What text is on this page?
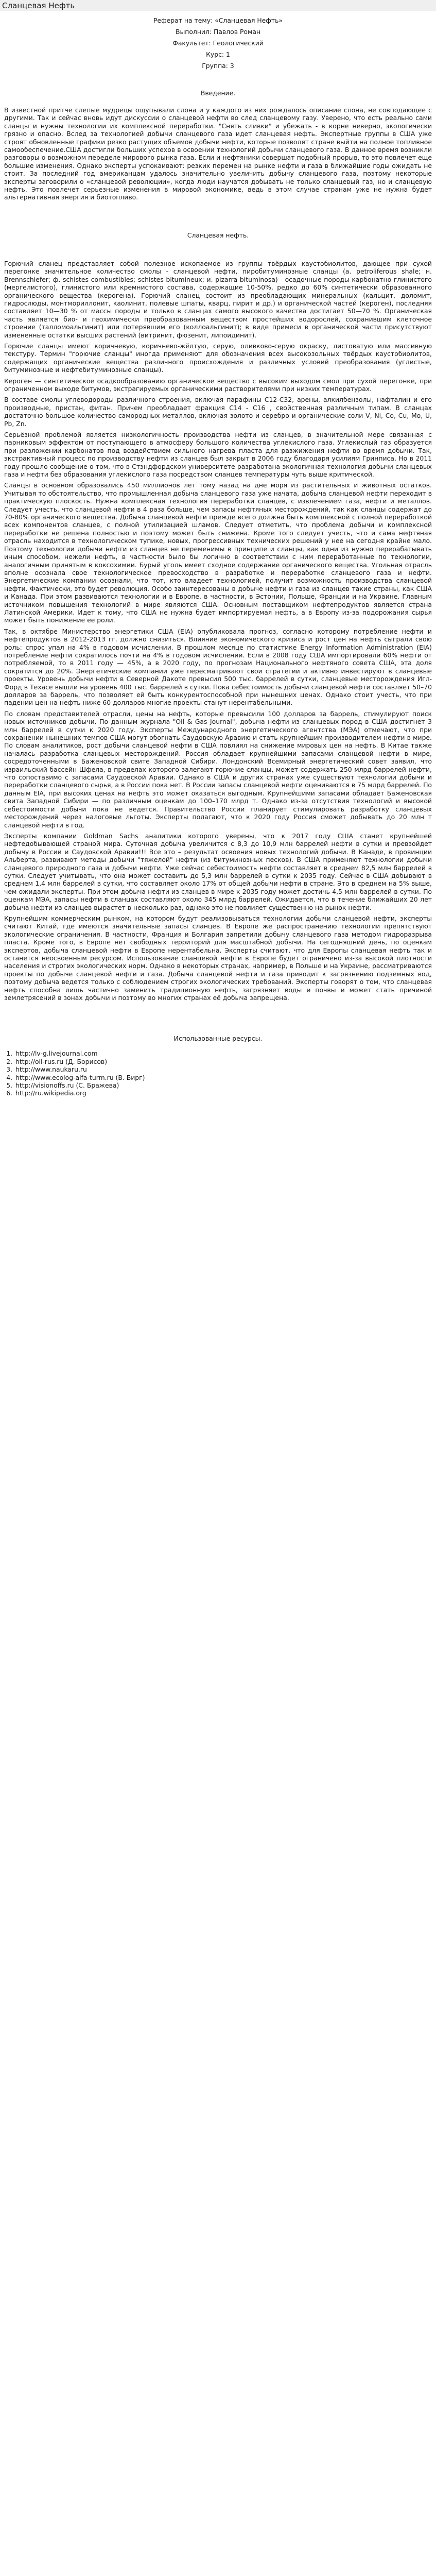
Сланцевая Нефть
Реферат на тему: «Сланцевая Нефть»
Выполнил: Павлов Роман
Факультет: Геологический
Курс: 1
Группа: 3
Введение.

В известной притче слепые мудрецы ощупывали слона и у каждого из них рождалось описание слона, не совподающее с другими. Так и сейчас вновь идут дискуссии о сланцевой нефти во след сланцевому газу. Уверено, что есть реально сами сланцы и нужны технологии их комплексной переработки. "Снять сливки" и убежать - в корне неверно, экологически грязно и опасно. Вслед за технологией добычи сланцевого газа идет сланцевая нефть. Экспертные группы в США уже строят обновленные графики резко растущих объемов добычи нефти, которые позволят стране выйти на полное топливное самообеспечение.США достигли больших успехов в освоении технологий добычи сланцевого газа. В данное время возникли разговоры о возможном переделе мирового рынка газа. Если и нефтяники совершат подобный прорыв, то это повлечет еще большие изменения. Однако эксперты успокаивают: резких перемен на рынке нефти и газа в ближайшие годы ожидать не стоит. За последний год американцам удалось значительно увеличить добычу сланцевого газа, поэтому некоторые эксперты заговорили о «сланцевой революции», когда люди научатся добывать не только сланцевый газ, но и сланцевую нефть. Это повлечет серьезные изменения в мировой экономике, ведь в этом случае странам уже не нужна будет альтернативная энергия и биотопливо.

Сланцевая нефть.

Горючий сланец представляет собой полезное ископаемое из группы твёрдых каустобиолитов, дающее при сухой перегонке значительное количество смолы - сланцевой нефти, пиробитуминозные сланцы (a. petroliferous shale; н. Brennschiefer; ф. schistes combustibles; schistes bitumineux; и. pizarra bituminosa) - осадочные породы карбонатно-глинистого (мергелистого), глинистого или кремнистого состава, содержащие 10-50%, редко до 60% синтетически образованного органического вещества (керогена). Горючий сланец состоит из преобладающих минеральных (кальцит, доломит, гидрослюды, монтмориллонит, каолинит, полевые шпаты, кварц, пирит и др.) и органической частей (кероген), последняя составляет 10—30 % от массы породы и только в сланцах самого высокого качества достигает 50—70 %. Органическая часть является био- и геохимически преобразованным веществом простейших водорослей, сохранившим клеточное строение (талломоальгинит) или потерявшим его (коллоальгинит); в виде примеси в органической части присутствуют измененные остатки высших растений (витринит, фюзенит, липоидинит).

Горючие сланцы имеют коричневую, коричнево-жёлтую, серую, оливково-серую окраску, листоватую или массивную текстуру. Термин "горючие сланцы" иногда применяют для обозначения всех высокозольных твёрдых каустобиолитов, содержащих органические вещества различного происхождения и различных условий преобразования (углистые, битуминозные и нефтебитуминозные сланцы).

Кероген — синтетическое осадкообразованию органическое вещество с высоким выходом смол при сухой перегонке, при ограниченном выходе битумов, экстрагируемых органическими растворителями при низких температурах.

В составе смолы углеводороды различного строения, включая парафины С12-С32, арены, алкилбензолы, нафталин и его производные, пристан, фитан. Причем преобладает фракция С14 - С16 , свойственная различным типам. В сланцах достаточно большое количество самородных металлов, включая золото и серебро и органические соли V, Ni, Co, Cu, Mo, U, Pb, Zn.

Серьёзной проблемой является низкологичность производства нефти из сланцев, в значительной мере связанная с парниковым эффектом от поступающего в атмосферу большого количества углекислого газа. Углекислый газ образуется при разложении карбонатов под воздействием сильного нагрева пласта для разжижения нефти во время добычи. Так, экстрактивный процесс по производству нефти из сланцев был закрыт в 2006 году благодаря усилиям Гринписа. Но в 2011 году прошло сообщение о том, что в Стэндфордском университете разработана экологичная технология добычи сланцевых газа и нефти без образования углекислого газа посредством сланцев температуры чуть выше критической.

Сланцы в основном образовались 450 миллионов лет тому назад на дне моря из растительных и животных остатков. Учитывая то обстоятельство, что промышленная добыча сланцевого газа уже начата, добыча сланцевой нефти переходит в практическую плоскость. Нужна комплексная технология переработки сланцев, с извлечением газа, нефти и металлов. Следует учесть, что сланцевой нефти в 4 раза больше, чем запасы нефтяных месторождений, так как сланцы содержат до 70-80% органического вещества. Добыча сланцевой нефти прежде всего должна быть комплексной с полной переработкой всех компонентов сланцев, с полной утилизацией шламов. Следует отметить, что проблема добычи и комплексной переработки не решена полностью и поэтому может быть снижена. Кроме того следует учесть, что и сама нефтяная отрасль находится в технологическом тупике, новых, прогрессивных технических решений у нее на сегодня крайне мало. Поэтому технологии добычи нефти из сланцев не переменимы в принципе и сланцы, как одни из нужно перерабатывать иным способом, нежели нефть, в частности было бы логично в соответствии с ним переработанные по технологии, аналогичным принятым в коксохимии. Бурый уголь имеет сходное содержание органического вещества. Угольная отрасль вполне осознала свое технологическое превосходство в разработке и переработке сланцевого газа и нефти. Энергетические компании осознали, что тот, кто владеет технологией, получит возможность производства сланцевой нефти. Фактически, это будет революция. Особо заинтересованы в добыче нефти и газа из сланцев такие страны, как США и Канада. При этом развиваются технологии и в Европе, в частности, в Эстонии, Польше, Франции и на Украине. Главным источником повышения технологий в мире являются США. Основным поставщиком нефтепродуктов является страна Латинской Америки. Идет к тому, что США не нужна будет импортируемая нефть, а в Европу из-за подорожания сырья может быть понижение ее роли.

Так, в октябре Министерство энергетики США (EIA) опубликовала прогноз, согласно которому потребление нефти и нефтепродуктов в 2012-2013 гг. должно снизиться. Влияние экономического кризиса и рост цен на нефть сыграли свою роль: спрос упал на 4% в годовом исчислении. В прошлом месяце по статистике Energy Information Administration (EIA) потребление нефти сократилось почти на 4% в годовом исчислении. Если в 2008 году США импортировали 60% нефти от потребляемой, то в 2011 году — 45%, а в 2020 году, по прогнозам Национального нефтяного совета США, эта доля сократится до 20%. Энергетические компании уже пересматривают свои стратегии и активно инвестируют в сланцевые проекты. Уровень добычи нефти в Северной Дакоте превысил 500 тыс. баррелей в сутки, сланцевые месторождения Игл-Форд в Техасе вышли на уровень 400 тыс. баррелей в сутки. Пока себестоимость добычи сланцевой нефти составляет 50–70 долларов за баррель, что позволяет ей быть конкурентоспособной при нынешних ценах. Однако стоит учесть, что при падении цен на нефть ниже 60 долларов многие проекты станут нерентабельными.

По словам представителей отрасли, цены на нефть, которые превысили 100 долларов за баррель, стимулируют поиск новых источников добычи. По данным журнала "Oil & Gas Journal", добыча нефти из сланцевых пород в США достигнет 3 млн баррелей в сутки к 2020 году. Эксперты Международного энергетического агентства (МЭА) отмечают, что при сохранении нынешних темпов США могут обогнать Саудовскую Аравию и стать крупнейшим производителем нефти в мире. По словам аналитиков, рост добычи сланцевой нефти в США повлиял на снижение мировых цен на нефть. В Китае также началась разработка сланцевых месторождений. Россия обладает крупнейшими запасами сланцевой нефти в мире, сосредоточенными в Баженовской свите Западной Сибири. Лондонский Всемирный энергетический совет заявил, что израильский бассейн Шфела, в пределах которого залегают горючие сланцы, может содержать 250 млрд баррелей нефти, что сопоставимо с запасами Саудовской Аравии. Однако в США и других странах уже существуют технологии добычи и переработки сланцевого сырья, а в России пока нет. В России запасы сланцевой нефти оцениваются в 75 млрд баррелей. По данным EIA, при высоких ценах на нефть это может оказаться выгодным. Крупнейшими запасами обладает Баженовская свита Западной Сибири — по различным оценкам до 100–170 млрд т. Однако из-за отсутствия технологий и высокой себестоимости добычи пока не ведется. Правительство России планирует стимулировать разработку сланцевых месторождений через налоговые льготы. Эксперты полагают, что к 2020 году Россия сможет добывать до 20 млн т сланцевой нефти в год.

Эксперты компании Goldman Sachs аналитики которого уверены, что к 2017 году США станет крупнейшей нефтедобывающей страной мира. Суточная добыча увеличится с 8,3 до 10,9 млн баррелей нефти в сутки и превзойдет добычу в России и Саудовской Аравии!!! Все это – результат освоения новых технологий добычи. В Канаде, в провинции Альберта, развивают методы добычи "тяжелой" нефти (из битуминозных песков). В США применяют технологии добычи сланцевого природного газа и добычи нефти. Уже сейчас себестоимость нефти составляет в среднем 82,5 млн баррелей в сутки. Следует учитывать, что она может составить до 5,3 млн баррелей в сутки к 2035 году. Сейчас в США добывают в среднем 1,4 млн баррелей в сутки, что составляет около 17% от общей добычи нефти в стране. Это в среднем на 5% выше, чем ожидали эксперты. При этом добыча нефти из сланцев в мире к 2035 году может достичь 4,5 млн баррелей в сутки. По оценкам МЭА, запасы нефти в сланцах составляют около 345 млрд баррелей. Ожидается, что в течение ближайших 20 лет добыча нефти из сланцев вырастет в несколько раз, однако это не повлияет существенно на рынок нефти.

Крупнейшим коммерческим рынком, на котором будут реализовываться технологии добычи сланцевой нефти, эксперты считают Китай, где имеются значительные запасы сланцев. В Европе же распространению технологии препятствуют экологические ограничения. В частности, Франция и Болгария запретили добычу сланцевого газа методом гидроразрыва пласта. Кроме того, в Европе нет свободных территорий для масштабной добычи. На сегодняшний день, по оценкам экспертов, добыча сланцевой нефти в Европе нерентабельна. Эксперты считают, что для Европы сланцевая нефть так и останется неосвоенным ресурсом. Использование сланцевой нефти в Европе будет ограничено из-за высокой плотности населения и строгих экологических норм. Однако в некоторых странах, например, в Польше и на Украине, рассматриваются проекты по добыче сланцевой нефти и газа. Добыча сланцевой нефти и газа приводит к загрязнению подземных вод, поэтому добыча ведется только с соблюдением строгих экологических требований. Эксперты говорят о том, что сланцевая нефть способна лишь частично заменить традиционную нефть, загрязняет воды и почвы и может стать причиной землетрясений в зонах добычи и поэтому во многих странах её добыча запрещена.

Использованные ресурсы.
1. http://lv-g.livejournal.com
2. http://oil-rus.ru (Д. Борисов)
3. http://www.naukaru.ru
4. http://www.ecolog-alfa-turm.ru (В. Бирг)
5. http://visionoffs.ru (С. Бражева)
6. http://ru.wikipedia.org
